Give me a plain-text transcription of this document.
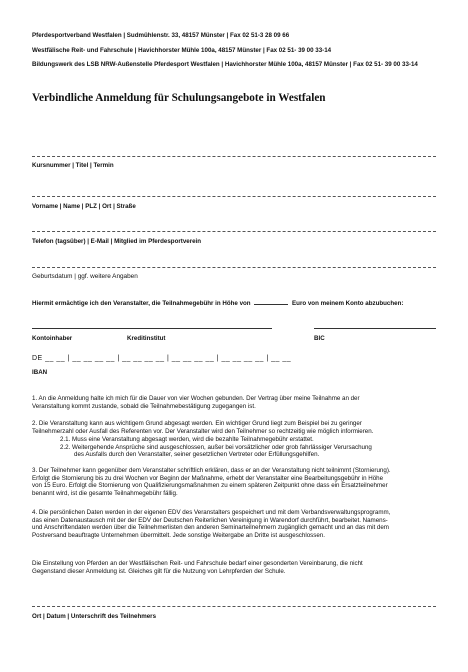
Pferdesportverband Westfalen | Sudmühlenstr. 33, 48157 Münster | Fax 02 51-3 28 09 66
Westfälische Reit- und Fahrschule | Havichhorster Mühle 100a, 48157 Münster | Fax 02 51- 39 00 33-14
Bildungswerk des LSB NRW-Außenstelle Pferdesport Westfalen | Havichhorster Mühle 100a, 48157 Münster | Fax 02 51- 39 00 33-14
Verbindliche Anmeldung für Schulungsangebote in Westfalen
Kursnummer | Titel | Termin
Vorname | Name | PLZ | Ort | Straße
Telefon (tagsüber) | E-Mail | Mitglied im Pferdesportverein
Geburtsdatum | ggf. weitere Angaben
Hiermit ermächtige ich den Veranstalter, die Teilnahmegebühr in Höhe von	Euro von meinem Konto abzubuchen:
Kontoinhaber	Kreditinstitut	BIC
DE __ __ | __ __ __ __ | __ __ __ __ | __ __ __ __ | __ __ __ __ | __ __
IBAN
1. An die Anmeldung halte ich mich für die Dauer von vier Wochen gebunden. Der Vertrag über meine Teilnahme an der
Veranstaltung kommt zustande, sobald die Teilnahmebestätigung zugegangen ist.
2. Die Veranstaltung kann aus wichtigem Grund abgesagt werden. Ein wichtiger Grund liegt zum Beispiel bei zu geringer
Teilnehmerzahl oder Ausfall des Referenten vor. Der Veranstalter wird den Teilnehmer so rechtzeitig wie möglich informieren.
2.1. Muss eine Veranstaltung abgesagt werden, wird die bezahlte Teilnahmegebühr erstattet.
2.2. Weitergehende Ansprüche sind ausgeschlossen, außer bei vorsätzlicher oder grob fahrlässiger Verursachung
des Ausfalls durch den Veranstalter, seiner gesetzlichen Vertreter oder Erfüllungsgehilfen.
3. Der Teilnehmer kann gegenüber dem Veranstalter schriftlich erklären, dass er an der Veranstaltung nicht teilnimmt (Stornierung).
Erfolgt die Stornierung bis zu drei Wochen vor Beginn der Maßnahme, erhebt der Veranstalter eine Bearbeitungsgebühr in Höhe
von 15 Euro. Erfolgt die Stornierung von Qualifizierungsmaßnahmen zu einem späteren Zeitpunkt ohne dass ein Ersatzteilnehmer
benannt wird, ist die gesamte Teilnahmegebühr fällig.
4. Die persönlichen Daten werden in der eigenen EDV des Veranstalters gespeichert und mit dem Verbandsverwaltungsprogramm,
das einen Datenaustausch mit der der EDV der Deutschen Reiterlichen Vereinigung in Warendorf durchführt, bearbeitet. Namens-
und Anschriftendaten werden über die Teilnehmerlisten den anderen Seminarteilnehmern zugänglich gemacht und an das mit dem
Postversand beauftragte Unternehmen übermittelt. Jede sonstige Weitergabe an Dritte ist ausgeschlossen.
Die Einstellung von Pferden an der Westfälischen Reit- und Fahrschule bedarf einer gesonderten Vereinbarung, die nicht
Gegenstand dieser Anmeldung ist. Gleiches gilt für die Nutzung von Lehrpferden der Schule.
Ort | Datum | Unterschrift des Teilnehmers
